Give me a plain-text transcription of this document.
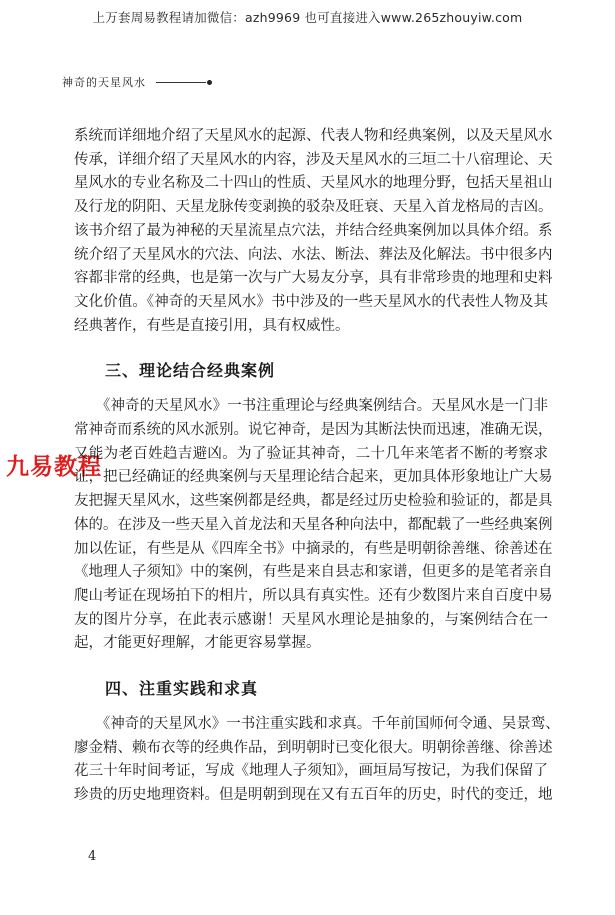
上万套周易教程请加微信：azh9969 也可直接进入www.265zhouyiw.com
神奇的天星风水
九易教程

系统而详细地介绍了天星风水的起源、代表人物和经典案例，以及天星风水

传承，详细介绍了天星风水的内容，涉及天星风水的三垣二十八宿理论、天

星风水的专业名称及二十四山的性质、天星风水的地理分野，包括天星祖山

及行龙的阴阳、天星龙脉传变剥换的驳杂及旺衰、天星入首龙格局的吉凶。

该书介绍了最为神秘的天星流星点穴法，并结合经典案例加以具体介绍。系

统介绍了天星风水的穴法、向法、水法、断法、葬法及化解法。书中很多内

容都非常的经典，也是第一次与广大易友分享，具有非常珍贵的地理和史料

文化价值。《神奇的天星风水》书中涉及的一些天星风水的代表性人物及其

经典著作，有些是直接引用，具有权威性。

三、理论结合经典案例

　　《神奇的天星风水》一书注重理论与经典案例结合。天星风水是一门非

常神奇而系统的风水派别。说它神奇，是因为其断法快而迅速，准确无误，

又能为老百姓趋吉避凶。为了验证其神奇，二十几年来笔者不断的考察求

证，把已经确证的经典案例与天星理论结合起来，更加具体形象地让广大易

友把握天星风水，这些案例都是经典，都是经过历史检验和验证的，都是具

体的。在涉及一些天星入首龙法和天星各种向法中，都配载了一些经典案例

加以佐证，有些是从《四库全书》中摘录的，有些是明朝徐善继、徐善述在

《地理人子须知》中的案例，有些是来自县志和家谱，但更多的是笔者亲自

爬山考证在现场拍下的相片，所以具有真实性。还有少数图片来自百度中易

友的图片分享，在此表示感谢！天星风水理论是抽象的，与案例结合在一

起，才能更好理解，才能更容易掌握。

四、注重实践和求真

　　《神奇的天星风水》一书注重实践和求真。千年前国师何令通、吴景鸾、

廖金精、赖布衣等的经典作品，到明朝时已变化很大。明朝徐善继、徐善述

花三十年时间考证，写成《地理人子须知》，画垣局写按记，为我们保留了

珍贵的历史地理资料。但是明朝到现在又有五百年的历史，时代的变迁，地

4
